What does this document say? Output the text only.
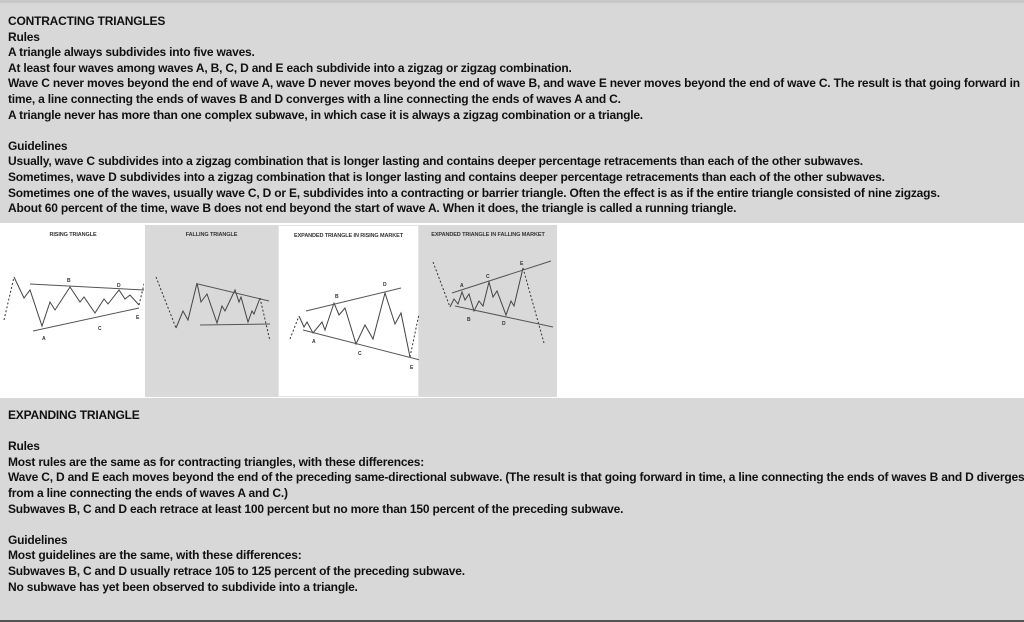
CONTRACTING TRIANGLES
Rules
A triangle always subdivides into five waves.
At least four waves among waves A, B, C, D and E each subdivide into a zigzag or zigzag combination.
Wave C never moves beyond the end of wave A, wave D never moves beyond the end of wave B, and wave E never moves beyond the end of wave C. The result is that going forward in
time, a line connecting the ends of waves B and D converges with a line connecting the ends of waves A and C.
A triangle never has more than one complex subwave, in which case it is always a zigzag combination or a triangle.
Guidelines
Usually, wave C subdivides into a zigzag combination that is longer lasting and contains deeper percentage retracements than each of the other subwaves.
Sometimes, wave D subdivides into a zigzag combination that is longer lasting and contains deeper percentage retracements than each of the other subwaves.
Sometimes one of the waves, usually wave C, D or E, subdivides into a contracting or barrier triangle. Often the effect is as if the entire triangle consisted of nine zigzags.
About 60 percent of the time, wave B does not end beyond the start of wave A. When it does, the triangle is called a running triangle.
RISING TRIANGLE
A
B
C
D
E
FALLING TRIANGLE	EXPANDED TRIANGLE IN RISING MARKET
A
B
C
D
E
EXPANDED TRIANGLE IN FALLING MARKET
A
B
C
D
E
EXPANDING TRIANGLE
Rules
Most rules are the same as for contracting triangles, with these differences:
Wave C, D and E each moves beyond the end of the preceding same-directional subwave. (The result is that going forward in time, a line connecting the ends of waves B and D diverges
from a line connecting the ends of waves A and C.)
Subwaves B, C and D each retrace at least 100 percent but no more than 150 percent of the preceding subwave.
Guidelines
Most guidelines are the same, with these differences:
Subwaves B, C and D usually retrace 105 to 125 percent of the preceding subwave.
No subwave has yet been observed to subdivide into a triangle.
